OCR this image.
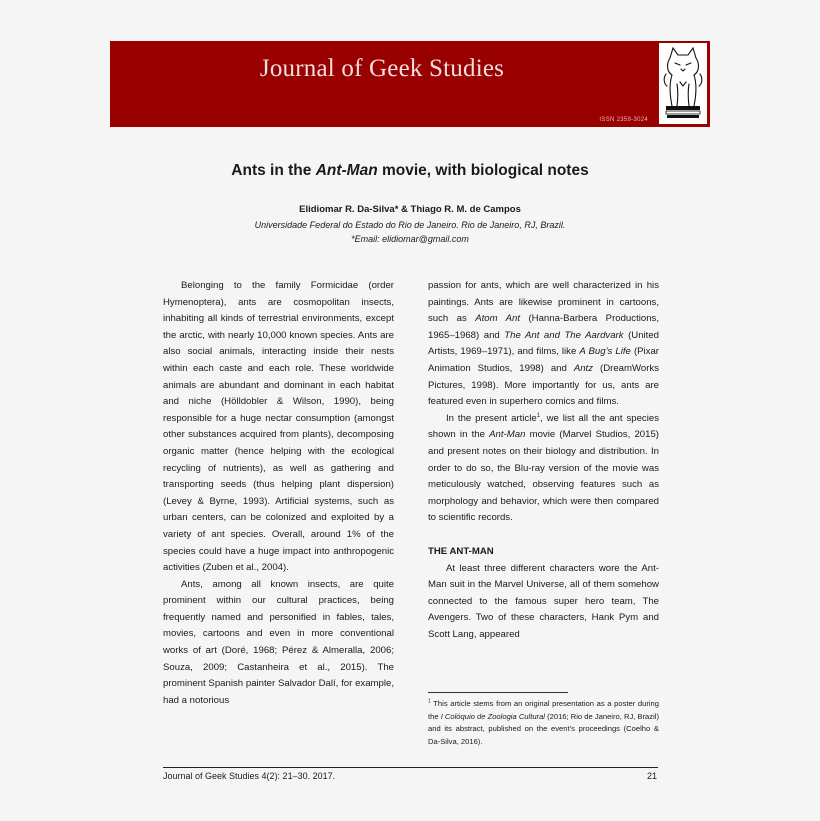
Journal of Geek Studies
ISSN 2359-3024
Ants in the Ant-Man movie, with biological notes
Elidiomar R. Da-Silva* & Thiago R. M. de Campos
Universidade Federal do Estado do Rio de Janeiro. Rio de Janeiro, RJ, Brazil.
*Email: elidiomar@gmail.com

Belonging to the family Formicidae (order Hymenoptera), ants are cosmopolitan insects, inhabiting all kinds of terrestrial environments, except the arctic, with nearly 10,000 known species. Ants are also social animals, interacting inside their nests within each caste and each role. These worldwide animals are abundant and dominant in each habitat and niche (Hölldobler & Wilson, 1990), being responsible for a huge nectar consumption (amongst other substances acquired from plants), decomposing organic matter (hence helping with the ecological recycling of nutrients), as well as gathering and transporting seeds (thus helping plant dispersion) (Levey & Byrne, 1993). Artificial systems, such as urban centers, can be colonized and exploited by a variety of ant species. Overall, around 1% of the species could have a huge impact into anthropogenic activities (Zuben et al., 2004).

Ants, among all known insects, are quite prominent within our cultural practices, being frequently named and personified in fables, tales, movies, cartoons and even in more conventional works of art (Doré, 1968; Pérez & Almeralla, 2006; Souza, 2009; Castanheira et al., 2015). The prominent Spanish painter Salvador Dalí, for example, had a notorious

passion for ants, which are well characterized in his paintings. Ants are likewise prominent in cartoons, such as Atom Ant (Hanna-Barbera Productions, 1965–1968) and The Ant and The Aardvark (United Artists, 1969–1971), and films, like A Bug’s Life (Pixar Animation Studios, 1998) and Antz (DreamWorks Pictures, 1998). More importantly for us, ants are featured even in superhero comics and films.

In the present article$^1$, we list all the ant species shown in the Ant-Man movie (Marvel Studios, 2015) and present notes on their biology and distribution. In order to do so, the Blu-ray version of the movie was meticulously watched, observing features such as morphology and behavior, which were then compared to scientific records.

THE ANT-MAN

At least three different characters wore the Ant-Man suit in the Marvel Universe, all of them somehow connected to the famous super hero team, The Avengers. Two of these characters, Hank Pym and Scott Lang, appeared

$^1$ This article stems from an original presentation as a poster during the I Colóquio de Zoologia Cultural (2016; Rio de Janeiro, RJ, Brazil) and its abstract, published on the event’s proceedings (Coelho & Da-Silva, 2016).
Journal of Geek Studies 4(2): 21–30. 2017.	21
